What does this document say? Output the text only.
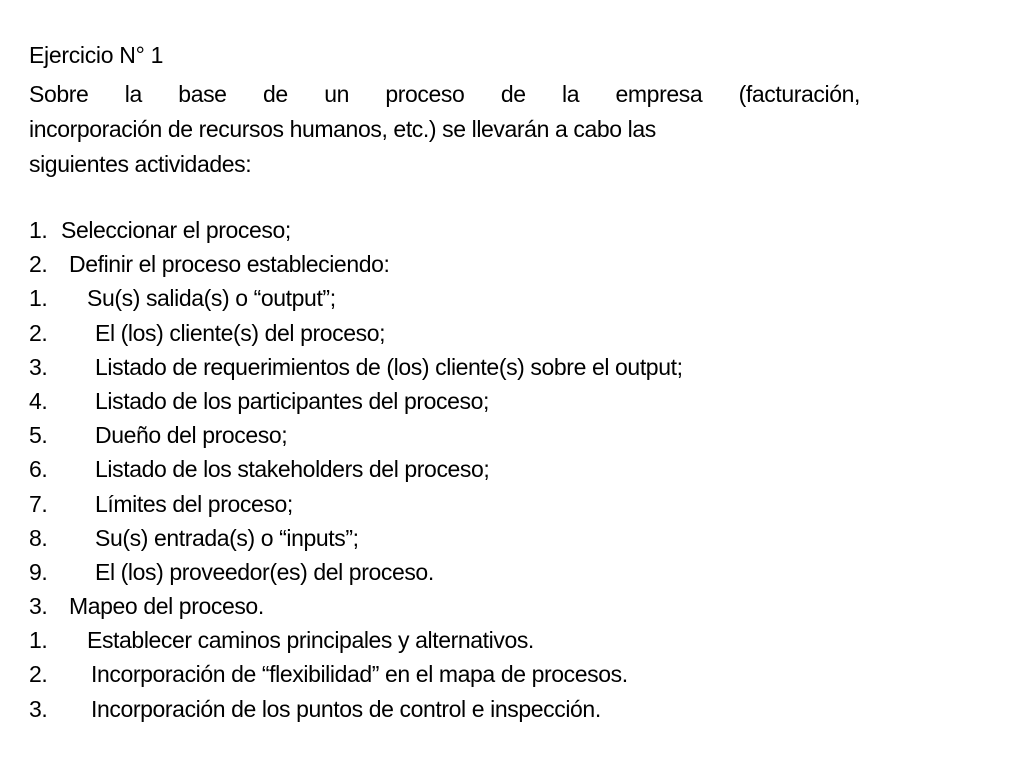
Ejercicio N° 1
Sobre la base de un proceso de la empresa (facturación,
incorporación de recursos humanos, etc.) se llevarán a cabo las
siguientes actividades:
1. Seleccionar el proceso;
2. Definir el proceso estableciendo:
1. Su(s) salida(s) o “output”;
2. El (los) cliente(s) del proceso;
3. Listado de requerimientos de (los) cliente(s) sobre el output;
4. Listado de los participantes del proceso;
5. Dueño del proceso;
6. Listado de los stakeholders del proceso;
7. Límites del proceso;
8. Su(s) entrada(s) o “inputs”;
9. El (los) proveedor(es) del proceso.
3. Mapeo del proceso.
1. Establecer caminos principales y alternativos.
2. Incorporación de “flexibilidad” en el mapa de procesos.
3. Incorporación de los puntos de control e inspección.
